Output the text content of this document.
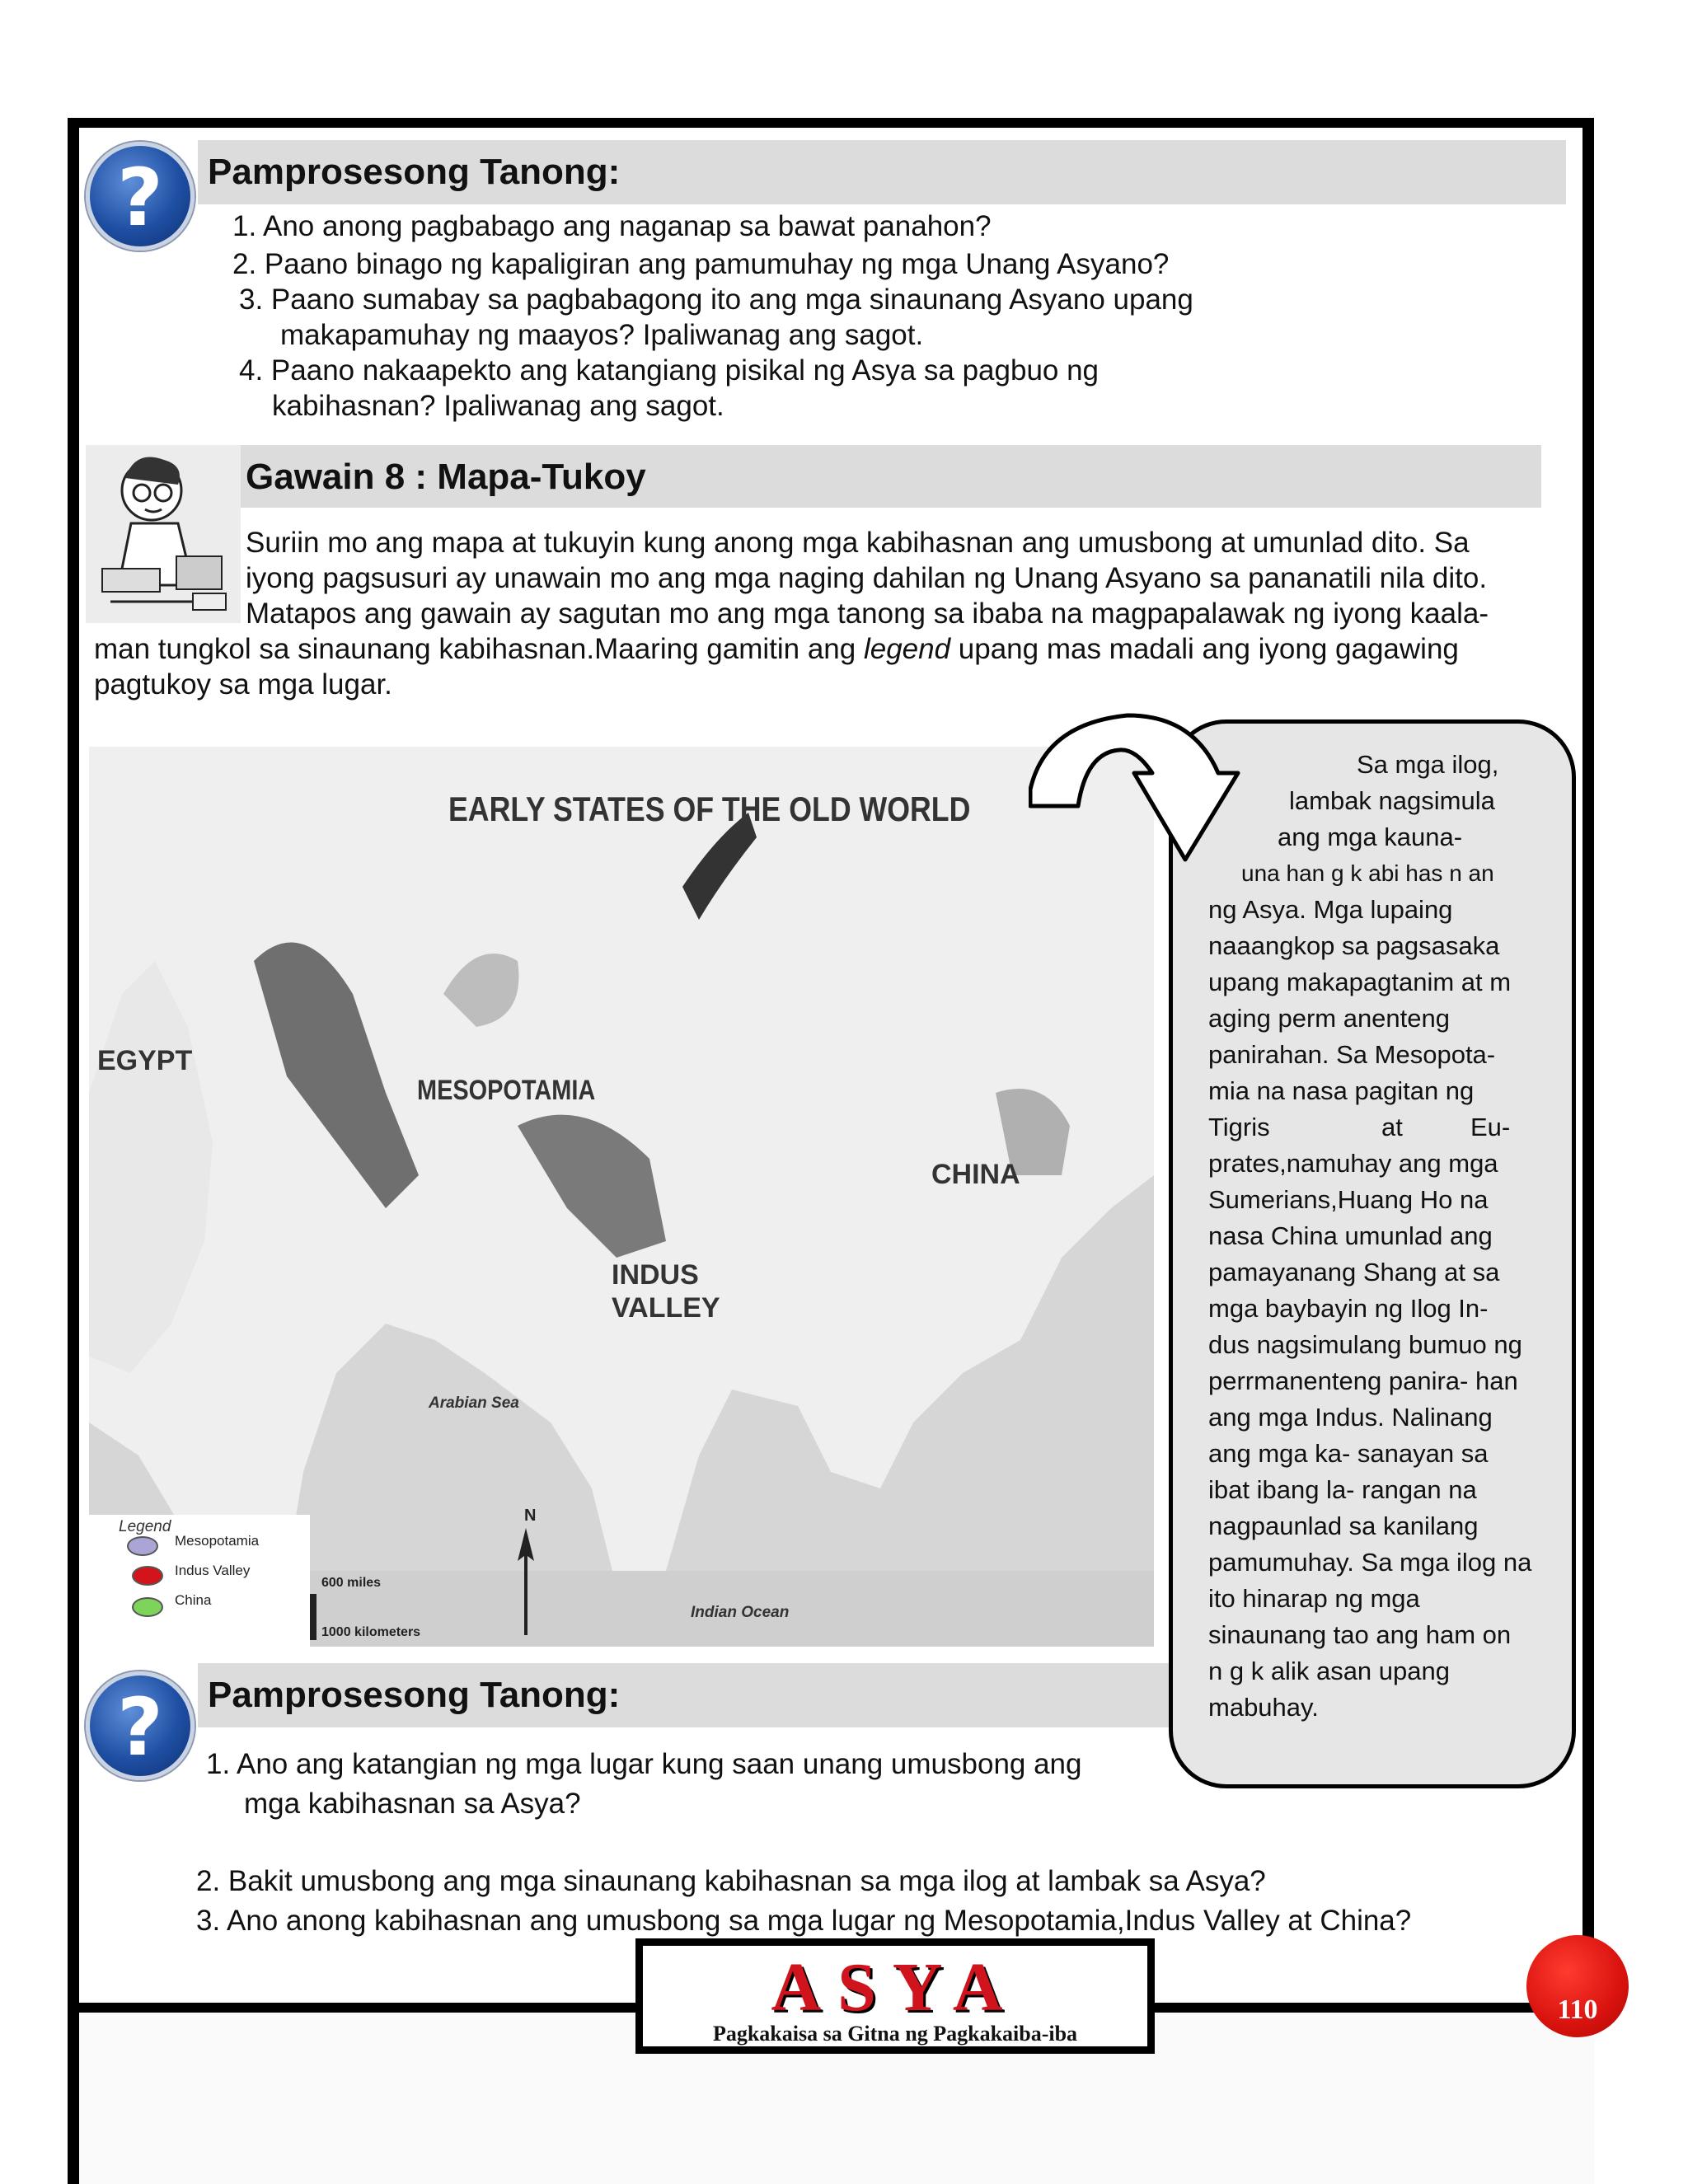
?	Pamprosesong Tanong:
1. Ano anong pagbabago ang naganap sa bawat panahon?
2. Paano binago ng kapaligiran ang pamumuhay ng mga Unang Asyano?
3. Paano sumabay sa pagbabagong ito ang mga sinaunang Asyano upang
makapamuhay ng maayos? Ipaliwanag ang sagot.
4. Paano nakaapekto ang katangiang pisikal ng Asya sa pagbuo ng
kabihasnan? Ipaliwanag ang sagot.
Gawain 8 : Mapa-Tukoy
Suriin mo ang mapa at tukuyin kung anong mga kabihasnan ang umusbong at umunlad dito. Sa
iyong pagsusuri ay unawain mo ang mga naging dahilan ng Unang Asyano sa pananatili nila dito.
Matapos ang gawain ay sagutan mo ang mga tanong sa ibaba na magpapalawak ng iyong kaala-
man tungkol sa sinaunang kabihasnan.Maaring gamitin ang legend upang mas madali ang iyong gagawing
pagtukoy sa mga lugar.
EARLY STATES OF THE OLD WORLD
EGYPT
MESOPOTAMIA
CHINA
INDUS
VALLEY
Arabian Sea
Indian Ocean
N
600 miles
1000 kilometers
Legend
Mesopotamia
Indus Valley
China
Sa mga ilog,
lambak nagsimula
ang mga kauna-
una han g k abi has n an
ng Asya. Mga lupaing
naaangkop sa pagsasaka
upang makapagtanim at m
aging perm anenteng
panirahan. Sa Mesopota-
mia na nasa pagitan ng
Tigris	at	Eu-
prates,namuhay ang mga
Sumerians,Huang Ho na
nasa China umunlad ang
pamayanang Shang at sa
mga baybayin ng Ilog In-
dus nagsimulang bumuo ng
perrmanenteng panira- han
ang mga Indus. Nalinang
ang mga ka- sanayan sa
ibat ibang la- rangan na
nagpaunlad sa kanilang
pamumuhay. Sa mga ilog na
ito hinarap ng mga
sinaunang tao ang ham on
n g k alik asan upang
mabuhay.
?	Pamprosesong Tanong:
1. Ano ang katangian ng mga lugar kung saan unang umusbong ang
mga kabihasnan sa Asya?
2. Bakit umusbong ang mga sinaunang kabihasnan sa mga ilog at lambak sa Asya?
3. Ano anong kabihasnan ang umusbong sa mga lugar ng Mesopotamia,Indus Valley at China?
ASYA
Pagkakaisa sa Gitna ng Pagkakaiba-iba
110
